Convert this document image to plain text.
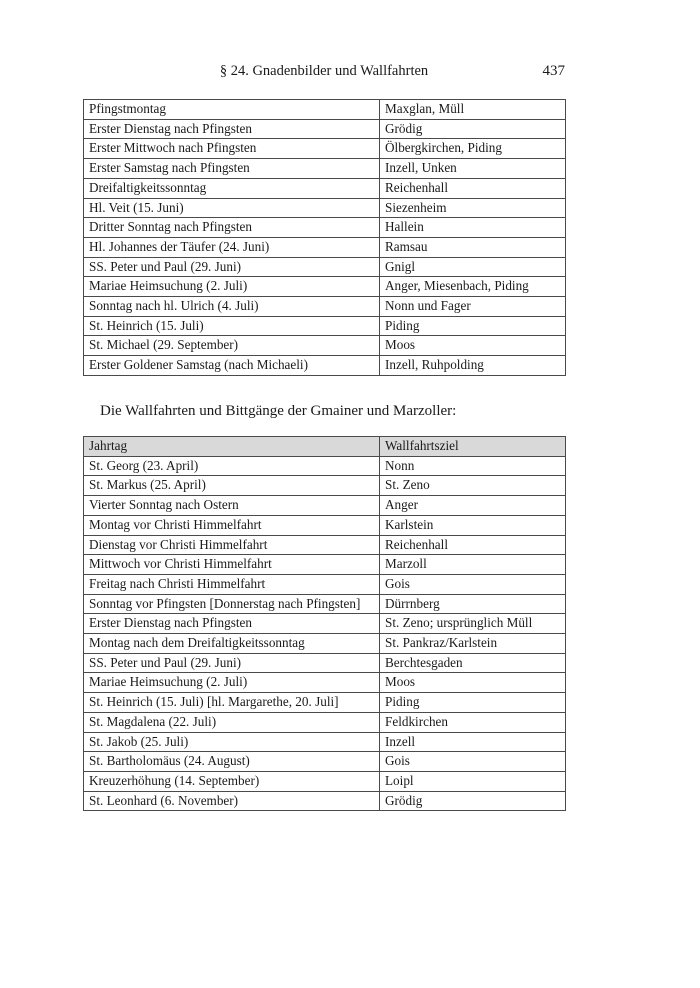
§ 24. Gnadenbilder und Wallfahrten	437
Pfingstmontag	Maxglan, Müll
Erster Dienstag nach Pfingsten	Grödig
Erster Mittwoch nach Pfingsten	Ölbergkirchen, Piding
Erster Samstag nach Pfingsten	Inzell, Unken
Dreifaltigkeitssonntag	Reichenhall
Hl. Veit (15. Juni)	Siezenheim
Dritter Sonntag nach Pfingsten	Hallein
Hl. Johannes der Täufer (24. Juni)	Ramsau
SS. Peter und Paul (29. Juni)	Gnigl
Mariae Heimsuchung (2. Juli)	Anger, Miesenbach, Piding
Sonntag nach hl. Ulrich (4. Juli)	Nonn und Fager
St. Heinrich (15. Juli)	Piding
St. Michael (29. September)	Moos
Erster Goldener Samstag (nach Michaeli)	Inzell, Ruhpolding
Die Wallfahrten und Bittgänge der Gmainer und Marzoller:
Jahrtag	Wallfahrtsziel
St. Georg (23. April)	Nonn
St. Markus (25. April)	St. Zeno
Vierter Sonntag nach Ostern	Anger
Montag vor Christi Himmelfahrt	Karlstein
Dienstag vor Christi Himmelfahrt	Reichenhall
Mittwoch vor Christi Himmelfahrt	Marzoll
Freitag nach Christi Himmelfahrt	Gois
Sonntag vor Pfingsten [Donnerstag nach Pfingsten]	Dürrnberg
Erster Dienstag nach Pfingsten	St. Zeno; ursprünglich Müll
Montag nach dem Dreifaltigkeitssonntag	St. Pankraz/Karlstein
SS. Peter und Paul (29. Juni)	Berchtesgaden
Mariae Heimsuchung (2. Juli)	Moos
St. Heinrich (15. Juli) [hl. Margarethe, 20. Juli]	Piding
St. Magdalena (22. Juli)	Feldkirchen
St. Jakob (25. Juli)	Inzell
St. Bartholomäus (24. August)	Gois
Kreuzerhöhung (14. September)	Loipl
St. Leonhard (6. November)	Grödig
